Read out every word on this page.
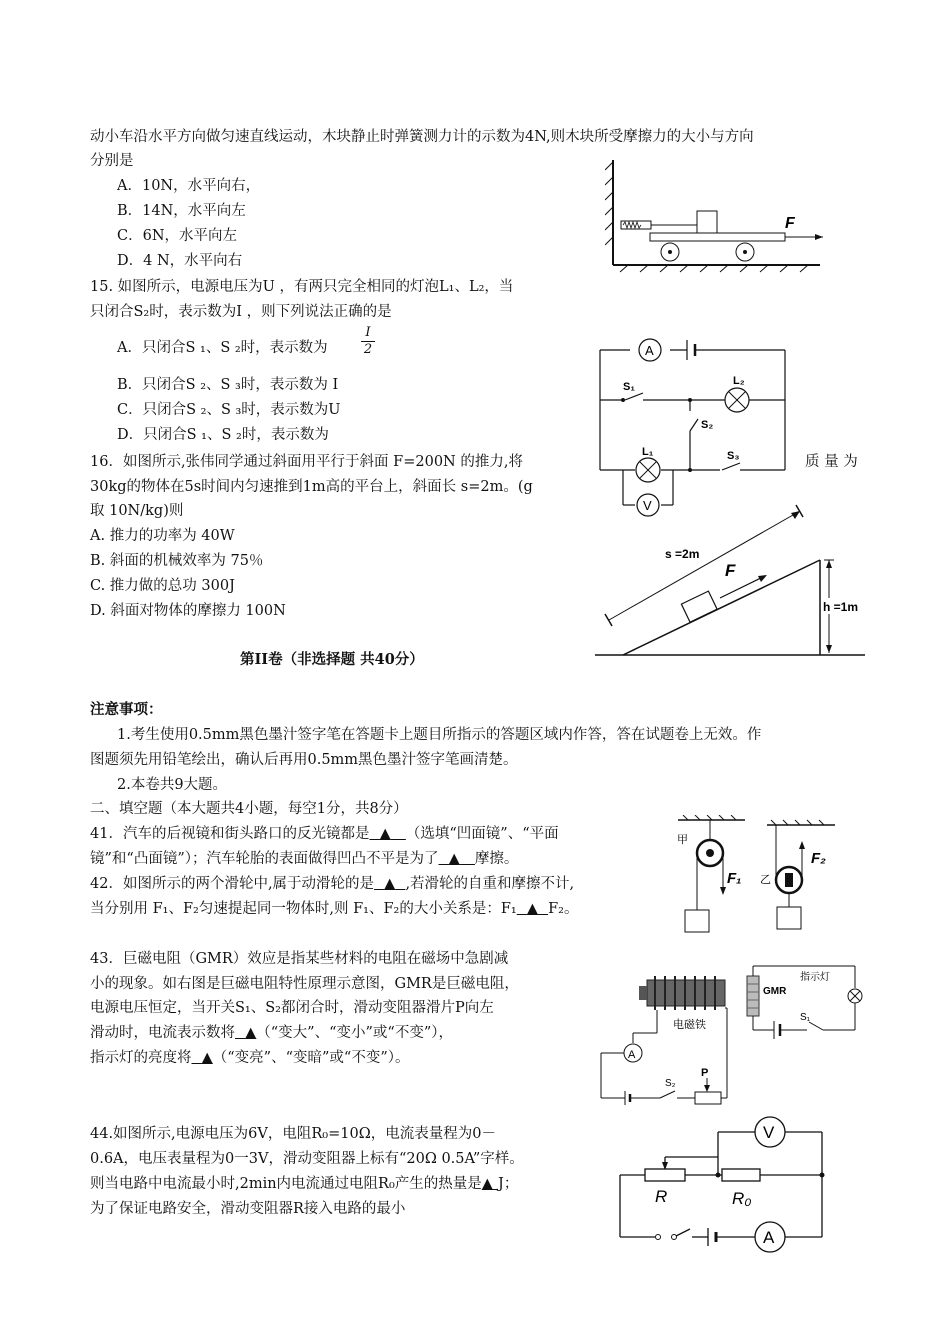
动小车沿水平方向做匀速直线运动，木块静止时弹簧测力计的示数为4N,则木块所受摩擦力的大小与方向
分别是
A．10N，水平向右，
B．14N，水平向左
C．6N，水平向左
D．4 N，水平向右
F
15. 如图所示，电源电压为U ，有两只完全相同的灯泡L₁、L₂，当
只闭合S₂时，表示数为I ，则下列说法正确的是
A．只闭合S ₁、S ₂时，表示数为	$\frac{I}{2}$
B．只闭合S ₂、S ₃时，表示数为 I
C．只闭合S ₂、S ₃时，表示数为U
D．只闭合S ₁、S ₂时，表示数为
A
V
S₁
S₂
S₃
L₂
L₁
16．如图所示,张伟同学通过斜面用平行于斜面 F=200N 的推力,将	质 量 为
30kg的物体在5s时间内匀速推到1m高的平台上，斜面长 s=2m。(g
取 10N/kg)则
A. 推力的功率为 40W
B. 斜面的机械效率为 75％
C. 推力做的总功 300J
D. 斜面对物体的摩擦力 100N
F
s =2m
h =1m
第II卷（非选择题 共40分）
注意事项：
1.考生使用0.5mm黑色墨汁签字笔在答题卡上题目所指示的答题区域内作答，答在试题卷上无效。作
图题须先用铅笔绘出，确认后再用0.5mm黑色墨汁签字笔画清楚。
2.本卷共9大题。
二、填空题（本大题共4小题，每空1分，共8分）
41．汽车的后视镜和街头路口的反光镜都是 ▲ （选填“凹面镜”、“平面
镜”和“凸面镜”）；汽车轮胎的表面做得凹凸不平是为了 ▲ 摩擦。
42．如图所示的两个滑轮中,属于动滑轮的是 ▲ ,若滑轮的自重和摩擦不计,
当分别用 F₁、F₂匀速提起同一物体时,则 F₁、F₂的大小关系是：F₁ ▲ F₂。
甲
F₁ 乙
F₂
43．巨磁电阻（GMR）效应是指某些材料的电阻在磁场中急剧减
小的现象。如右图是巨磁电阻特性原理示意图，GMR是巨磁电阻，
电源电压恒定，当开关S₁、S₂都闭合时，滑动变阻器滑片P向左
滑动时，电流表示数将 ▲（“变大”、“变小”或“不变”），
指示灯的亮度将 ▲（“变亮”、“变暗”或“不变”）。
电磁铁
A
S₂
P
GMR
指示灯
S₁
44.如图所示,电源电压为6V，电阻R₀=10Ω，电流表量程为0－
0.6A，电压表量程为0一3V，滑动变阻器上标有“20Ω 0.5A”字样。
则当电路中电流最小时,2min内电流通过电阻R₀产生的热量是▲ J；
为了保证电路安全，滑动变阻器R接入电路的最小
V
A
R	R₀
